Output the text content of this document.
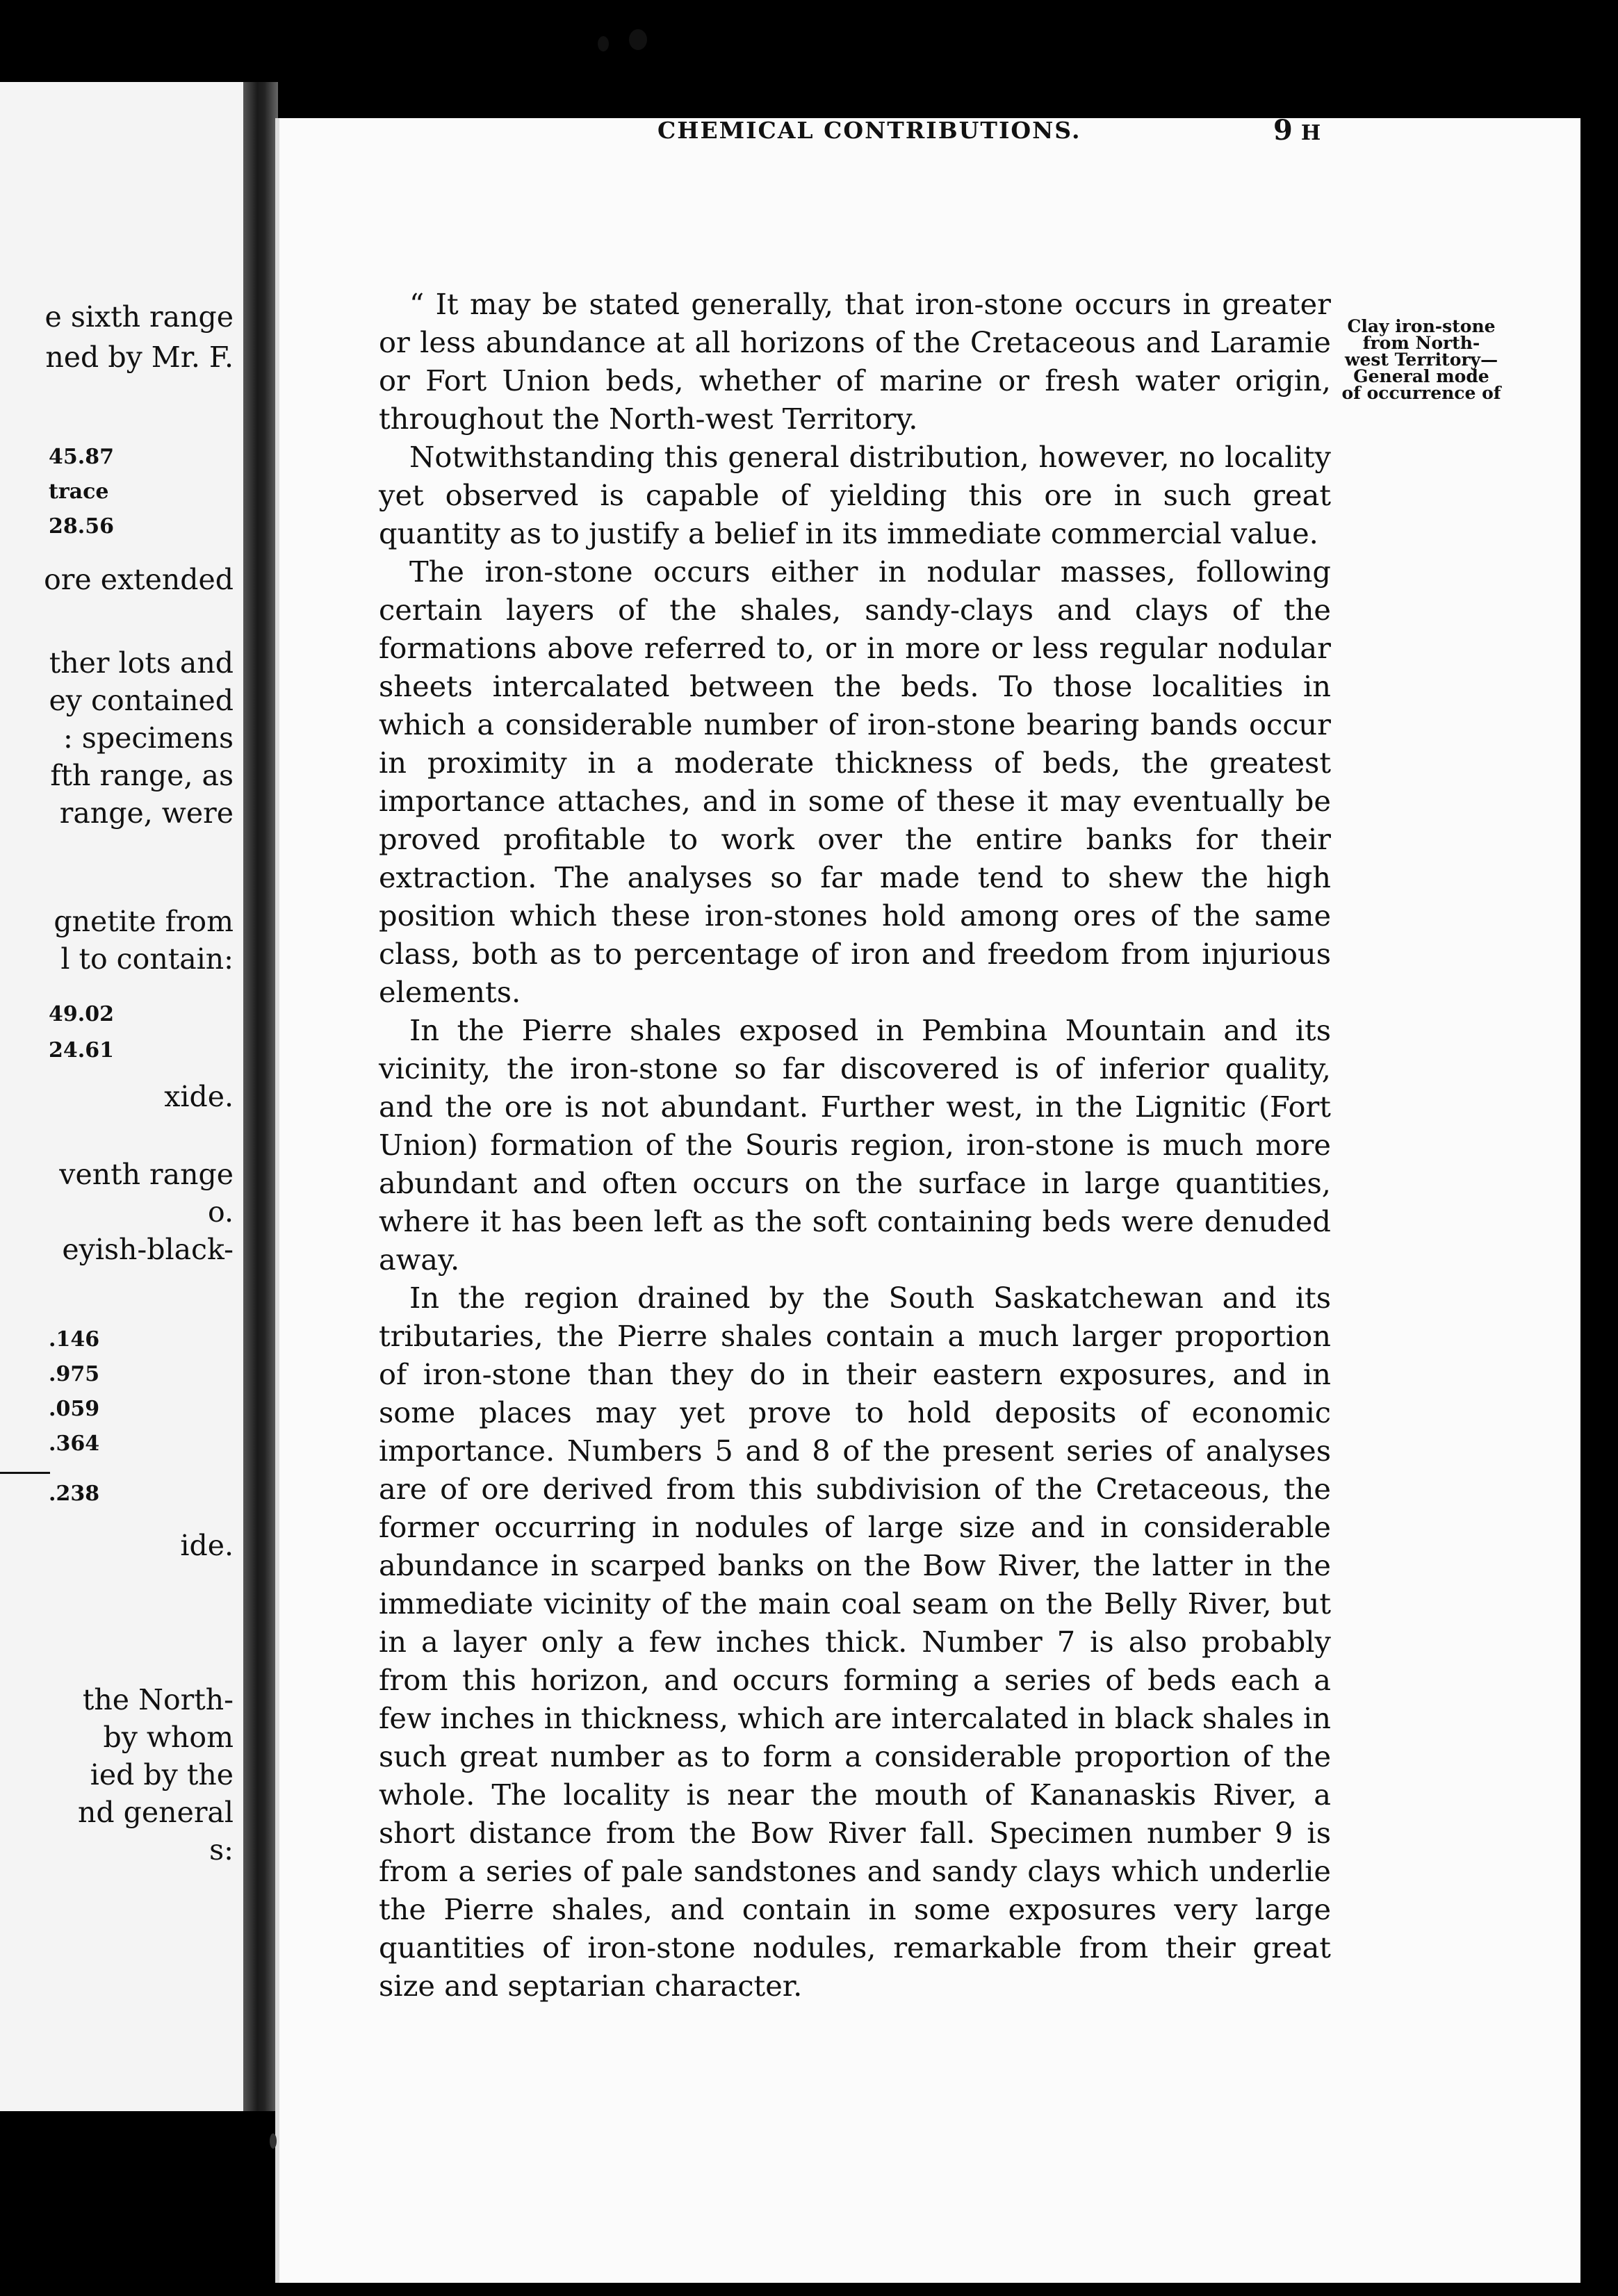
e sixth range
ned by Mr. F.
ore extended
ther lots and
ey contained
: specimens
fth range, as
range, were
gnetite from
l to contain:
xide.
venth range
o.
eyish-black-
ide.
the North-
by whom
ied by the
nd general
s:
45.87
trace
28.56
49.02
24.61
.146
.975
.059
.364
.238
CHEMICAL CONTRIBUTIONS.	9 H
Clay iron-stone from North-west Territory—General mode of occurrence of

“ It may be stated generally, that iron-stone occurs in greater or less abundance at all horizons of the Cretaceous and Laramie or Fort Union beds, whether of marine or fresh water origin, throughout the North-west Territory.

Notwithstanding this general distribution, however, no locality yet observed is capable of yielding this ore in such great quantity as to justify a belief in its immediate commercial value.

The iron-stone occurs either in nodular masses, following certain layers of the shales, sandy-clays and clays of the formations above referred to, or in more or less regular nodular sheets intercalated between the beds. To those localities in which a considerable number of iron-stone bearing bands occur in proximity in a moderate thickness of beds, the greatest importance attaches, and in some of these it may eventually be proved profitable to work over the entire banks for their extraction. The analyses so far made tend to shew the high position which these iron-stones hold among ores of the same class, both as to percentage of iron and freedom from injurious elements.

In the Pierre shales exposed in Pembina Mountain and its vicinity, the iron-stone so far discovered is of inferior quality, and the ore is not abundant. Further west, in the Lignitic (Fort Union) formation of the Souris region, iron-stone is much more abundant and often occurs on the surface in large quantities, where it has been left as the soft containing beds were denuded away.

In the region drained by the South Saskatchewan and its tributaries, the Pierre shales contain a much larger proportion of iron-stone than they do in their eastern exposures, and in some places may yet prove to hold deposits of economic importance. Numbers 5 and 8 of the present series of analyses are of ore derived from this subdivision of the Cretaceous, the former occurring in nodules of large size and in considerable abundance in scarped banks on the Bow River, the latter in the immediate vicinity of the main coal seam on the Belly River, but in a layer only a few inches thick. Number 7 is also probably from this horizon, and occurs forming a series of beds each a few inches in thickness, which are intercalated in black shales in such great number as to form a considerable proportion of the whole. The locality is near the mouth of Kananaskis River, a short distance from the Bow River fall. Specimen number 9 is from a series of pale sandstones and sandy clays which underlie the Pierre shales, and contain in some exposures very large quantities of iron-stone nodules, remarkable from their great size and septarian character.
